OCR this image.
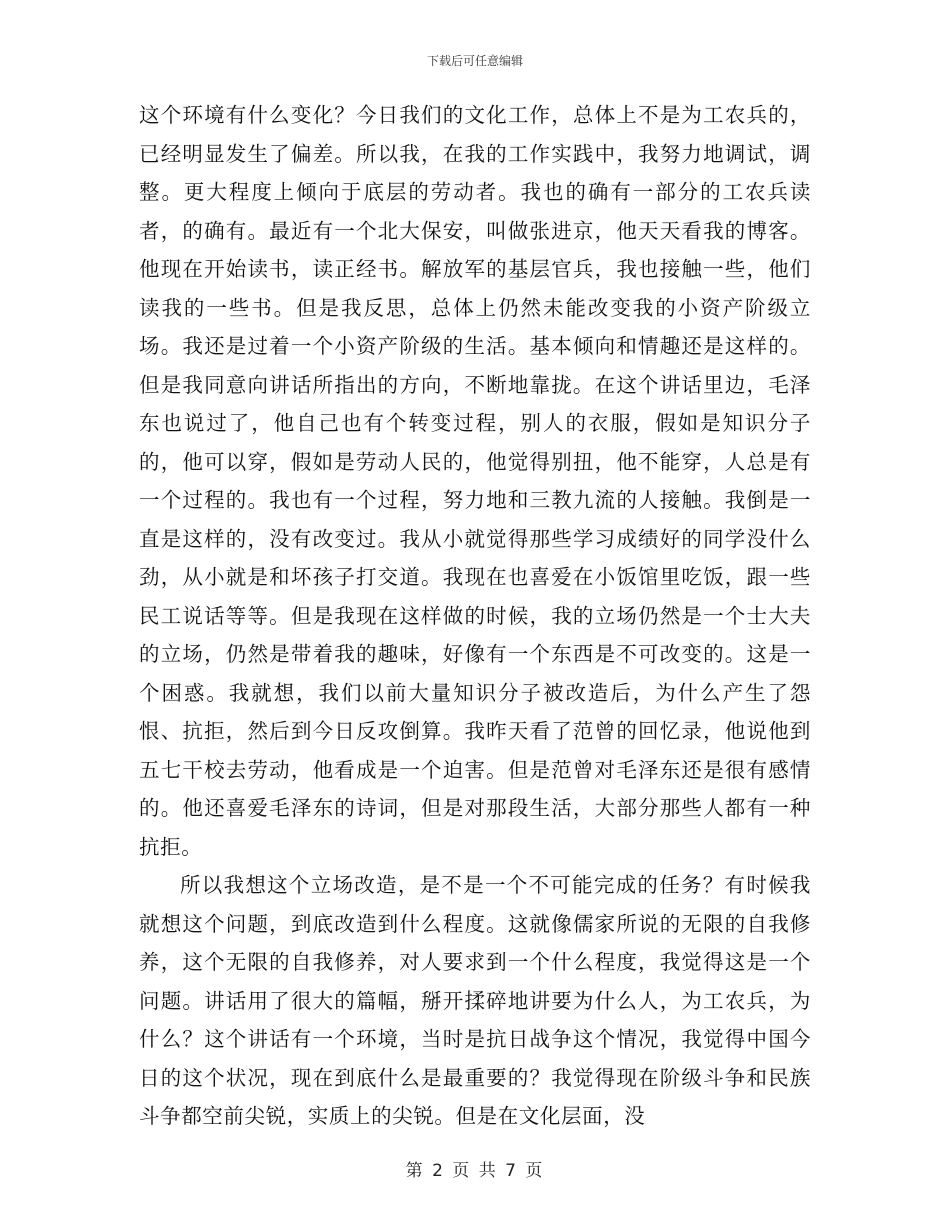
下载后可任意编辑

这个环境有什么变化？今日我们的文化工作，总体上不是为工农兵的，已经明显发生了偏差。所以我，在我的工作实践中，我努力地调试，调整。更大程度上倾向于底层的劳动者。我也的确有一部分的工农兵读者，的确有。最近有一个北大保安，叫做张进京，他天天看我的博客。他现在开始读书，读正经书。解放军的基层官兵，我也接触一些，他们读我的一些书。但是我反思，总体上仍然未能改变我的小资产阶级立场。我还是过着一个小资产阶级的生活。基本倾向和情趣还是这样的。但是我同意向讲话所指出的方向，不断地靠拢。在这个讲话里边，毛泽东也说过了，他自己也有个转变过程，别人的衣服，假如是知识分子的，他可以穿，假如是劳动人民的，他觉得别扭，他不能穿，人总是有一个过程的。我也有一个过程，努力地和三教九流的人接触。我倒是一直是这样的，没有改变过。我从小就觉得那些学习成绩好的同学没什么劲，从小就是和坏孩子打交道。我现在也喜爱在小饭馆里吃饭，跟一些民工说话等等。但是我现在这样做的时候，我的立场仍然是一个士大夫的立场，仍然是带着我的趣味，好像有一个东西是不可改变的。这是一个困惑。我就想，我们以前大量知识分子被改造后，为什么产生了怨恨、抗拒，然后到今日反攻倒算。我昨天看了范曾的回忆录，他说他到五七干校去劳动，他看成是一个迫害。但是范曾对毛泽东还是很有感情的。他还喜爱毛泽东的诗词，但是对那段生活，大部分那些人都有一种抗拒。

所以我想这个立场改造，是不是一个不可能完成的任务？有时候我就想这个问题，到底改造到什么程度。这就像儒家所说的无限的自我修养，这个无限的自我修养，对人要求到一个什么程度，我觉得这是一个问题。讲话用了很大的篇幅，掰开揉碎地讲要为什么人，为工农兵，为什么？这个讲话有一个环境，当时是抗日战争这个情况，我觉得中国今日的这个状况，现在到底什么是最重要的？我觉得现在阶级斗争和民族斗争都空前尖锐，实质上的尖锐。但是在文化层面，没

第 2 页 共 7 页
